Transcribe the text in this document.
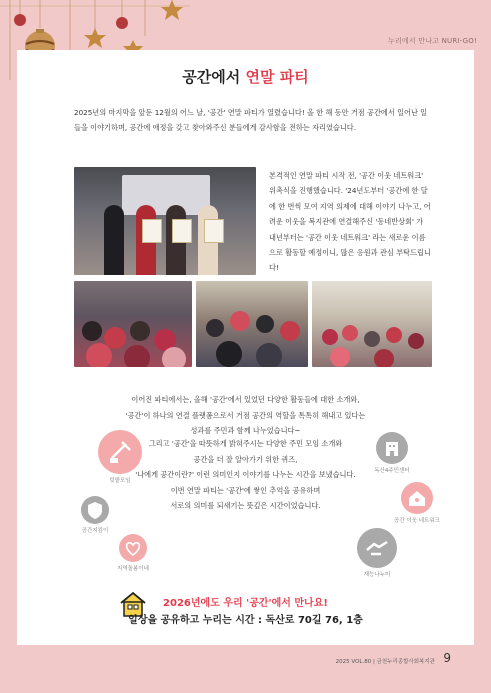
누리에서 만나고 NURI-GO!
공간에서 연말 파티
2025년의 마지막을 앞둔 12월의 어느 날, '공간' 연말 파티가 열렸습니다! 올 한 해 동안 거점 공간에서 일어난 일들을 이야기하며, 공간에 애정을 갖고 찾아와주신 분들에게 감사함을 전하는 자리였습니다.
본격적인 연말 파티 시작 전, '공간 이웃 네트워크' 위촉식을 진행했습니다. '24년도부터 '공간에 한 달에 한 번씩 모여 지역 의제에 대해 이야기 나누고, 어려운 이웃을 복지관에 연결해주신 '동네반상회' 가 내년부터는 '공간 이웃 네트워크' 라는 새로운 이름으로 활동할 예정이니, 많은 응원과 관심 부탁드립니다!
이어진 파티에서는, 올해 '공간'에서 있었던 다양한 활동들에 대한 소개와,
'공간'이 하나의 연결 플랫폼으로서 거점 공간의 역할을 톡톡히 해내고 있다는
성과를 주민과 함께 나누었습니다~
그리고 '공간'을 따뜻하게 밝혀주시는 다양한 주민 모임 소개와
공간을 더 잘 알아가기 위한 퀴즈,
'나에게 공간이란?' 이런 의미인지 이야기를 나누는 시간을 보냈습니다.
이번 연말 파티는 '공간'에 쌓인 추억을 공유하며
서로의 의미를 되새기는 뜻깊은 시간이었습니다.
텃밭모임
독산4주민센터
공간지킴이
공간 이웃 네트워크
지역돌봄이네
재능나누미
2026년에도 우리 '공간'에서 만나요!
일상을 공유하고 누리는 시간 : 독산로 70길 76, 1층
2025 VOL.80 | 금천누리종합사회복지관 9
